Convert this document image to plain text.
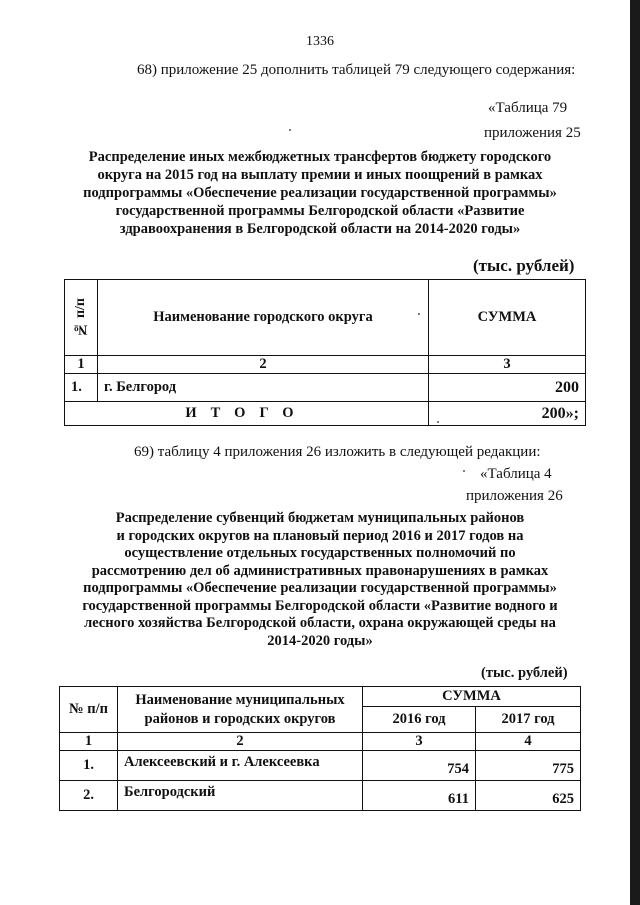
1336
68) приложение 25 дополнить таблицей 79 следующего содержания:
«Таблица 79
приложения 25
Распределение иных межбюджетных трансфертов бюджету городского
округа на 2015 год на выплату премии и иных поощрений в рамках
подпрограммы «Обеспечение реализации государственной программы»
государственной программы Белгородской области «Развитие
здравоохранения в Белгородской области на 2014-2020 годы»
(тыс. рублей)
№ п/п	Наименование городского округа	СУММА
1	2	3
1.	г. Белгород	200
ИТОГО		200»;
69) таблицу 4 приложения 26 изложить в следующей редакции:
«Таблица 4
приложения 26
Распределение субвенций бюджетам муниципальных районов
и городских округов на плановый период 2016 и 2017 годов на
осуществление отдельных государственных полномочий по
рассмотрению дел об административных правонарушениях в рамках
подпрограммы «Обеспечение реализации государственной программы»
государственной программы Белгородской области «Развитие водного и
лесного хозяйства Белгородской области, охрана окружающей среды на
2014-2020 годы»
(тыс. рублей)
№ п/п	Наименование муниципальных
районов и городских округов	СУММА	
		2016 год	2017 год
1	2	3	4
1.	Алексеевский и г. Алексеевка	754	775
2.	Белгородский	611	625
